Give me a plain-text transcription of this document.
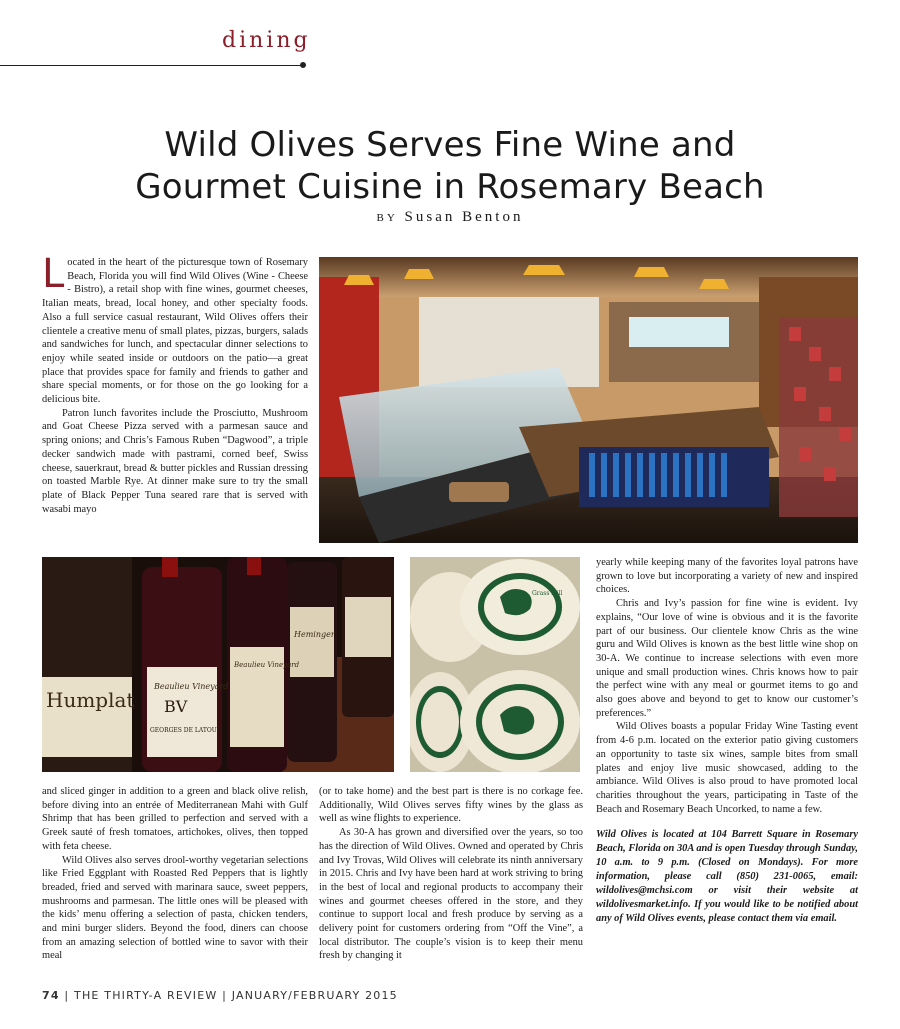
dining
Wild Olives Serves Fine Wine and
Gourmet Cuisine in Rosemary Beach
BY Susan Benton

Located in the heart of the picturesque town of Rosemary Beach, Florida you will find Wild Olives (Wine - Cheese - Bistro), a retail shop with fine wines, gourmet cheeses, Italian meats, bread, local honey, and other specialty foods. Also a full service casual restaurant, Wild Olives offers their clientele a creative menu of small plates, pizzas, burgers, salads and sandwiches for lunch, and spectacular dinner selections to enjoy while seated inside or outdoors on the patio—a great place that provides space for family and friends to gather and share special moments, or for those on the go looking for a delicious bite.

Patron lunch favorites include the Prosciutto, Mushroom and Goat Cheese Pizza served with a parmesan sauce and spring onions; and Chris’s Famous Ruben “Dagwood”, a triple decker sandwich made with pastrami, corned beef, Swiss cheese, sauerkraut, bread & butter pickles and Russian dressing on toasted Marble Rye. At dinner make sure to try the small plate of Black Pepper Tuna seared rare that is served with wasabi mayo

Humplat
Beaulieu Vineyard
BV
GEORGES DE LATOUR
Beaulieu Vineyard
Heminger
Grass Hill

and sliced ginger in addition to a green and black olive relish, before diving into an entrée of Mediterranean Mahi with Gulf Shrimp that has been grilled to perfection and served with a Greek sauté of fresh tomatoes, artichokes, olives, then topped with feta cheese.

Wild Olives also serves drool-worthy vegetarian selections like Fried Eggplant with Roasted Red Peppers that is lightly breaded, fried and served with marinara sauce, sweet peppers, mushrooms and parmesan. The little ones will be pleased with the kids’ menu offering a selection of pasta, chicken tenders, and mini burger sliders. Beyond the food, diners can choose from an amazing selection of bottled wine to savor with their meal

(or to take home) and the best part is there is no corkage fee. Additionally, Wild Olives serves fifty wines by the glass as well as wine flights to experience.

As 30-A has grown and diversified over the years, so too has the direction of Wild Olives. Owned and operated by Chris and Ivy Trovas, Wild Olives will celebrate its ninth anniversary in 2015. Chris and Ivy have been hard at work striving to bring in the best of local and regional products to accompany their wines and gourmet cheeses offered in the store, and they continue to support local and fresh produce by serving as a delivery point for customers ordering from “Off the Vine”, a local distributor. The couple’s vision is to keep their menu fresh by changing it

yearly while keeping many of the favorites loyal patrons have grown to love but incorporating a variety of new and inspired choices.

Chris and Ivy’s passion for fine wine is evident. Ivy explains, “Our love of wine is obvious and it is the favorite part of our business. Our clientele know Chris as the wine guru and Wild Olives is known as the best little wine shop on 30-A. We continue to increase selections with even more unique and small production wines. Chris knows how to pair the perfect wine with any meal or gourmet items to go and also goes above and beyond to get to know our customer’s preferences.”

Wild Olives boasts a popular Friday Wine Tasting event from 4-6 p.m. located on the exterior patio giving customers an opportunity to taste six wines, sample bites from small plates and enjoy live music showcased, adding to the ambiance. Wild Olives is also proud to have promoted local charities throughout the years, participating in Taste of the Beach and Rosemary Beach Uncorked, to name a few.

Wild Olives is located at 104 Barrett Square in Rosemary Beach, Florida on 30A and is open Tuesday through Sunday, 10 a.m. to 9 p.m. (Closed on Mondays). For more information, please call (850) 231-0065, email: wildolives@mchsi.com or visit their website at wildolivesmarket.info. If you would like to be notified about any of Wild Olives events, please contact them via email.

74 | THE THIRTY-A REVIEW | JANUARY/FEBRUARY 2015
